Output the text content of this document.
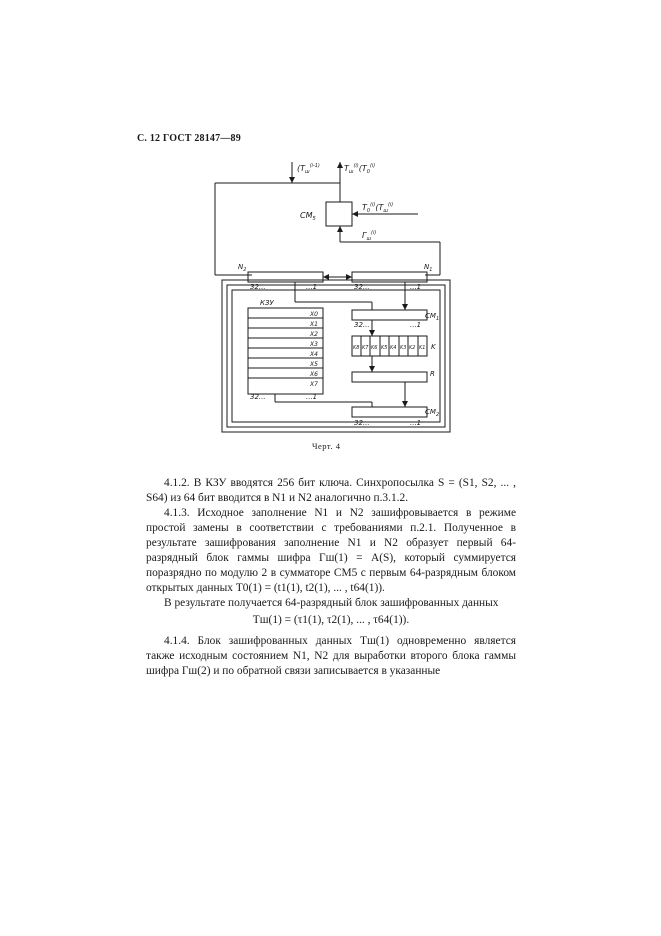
С. 12 ГОСТ 28147—89
($T_ш^{(i-1)}$	$T_ш^{(i)}(T_0^{(i)}$
$CM_5$
$T_0^{(i)}(T_ш^{(i)}$
$Г_ш^{(i)}$
$N_2$	$N_1$
32...	...1	32...	...1
КЗУ
X0
X1
X2
X3
X4
X5
X6
X7
32...	...1
$CM_1$
32...	...1
K8 K7 K6 K5 K4 K3 K2 K1 K
R
$CM_2$
32...	...1
Черт. 4

4.1.2. В КЗУ вводятся 256 бит ключа. Синхропосылка S = (S1, S2, ... , S64) из 64 бит вводится в N1 и N2 аналогично п.3.1.2.

4.1.3. Исходное заполнение N1 и N2 зашифровывается в режиме простой замены в соответствии с требованиями п.2.1. Полученное в результате зашифрования заполнение N1 и N2 образует первый 64-разрядный блок гаммы шифра Гш(1) = A(S), который суммируется поразрядно по модулю 2 в сумматоре CM5 с первым 64-разрядным блоком открытых данных T0(1) = (t1(1), t2(1), ... , t64(1)).

В результате получается 64-разрядный блок зашифрованных данных

Tш(1) = (τ1(1), τ2(1), ... , τ64(1)).

4.1.4. Блок зашифрованных данных Tш(1) одновременно является также исходным состоянием N1, N2 для выработки второго блока гаммы шифра Гш(2) и по обратной связи записывается в указанные
